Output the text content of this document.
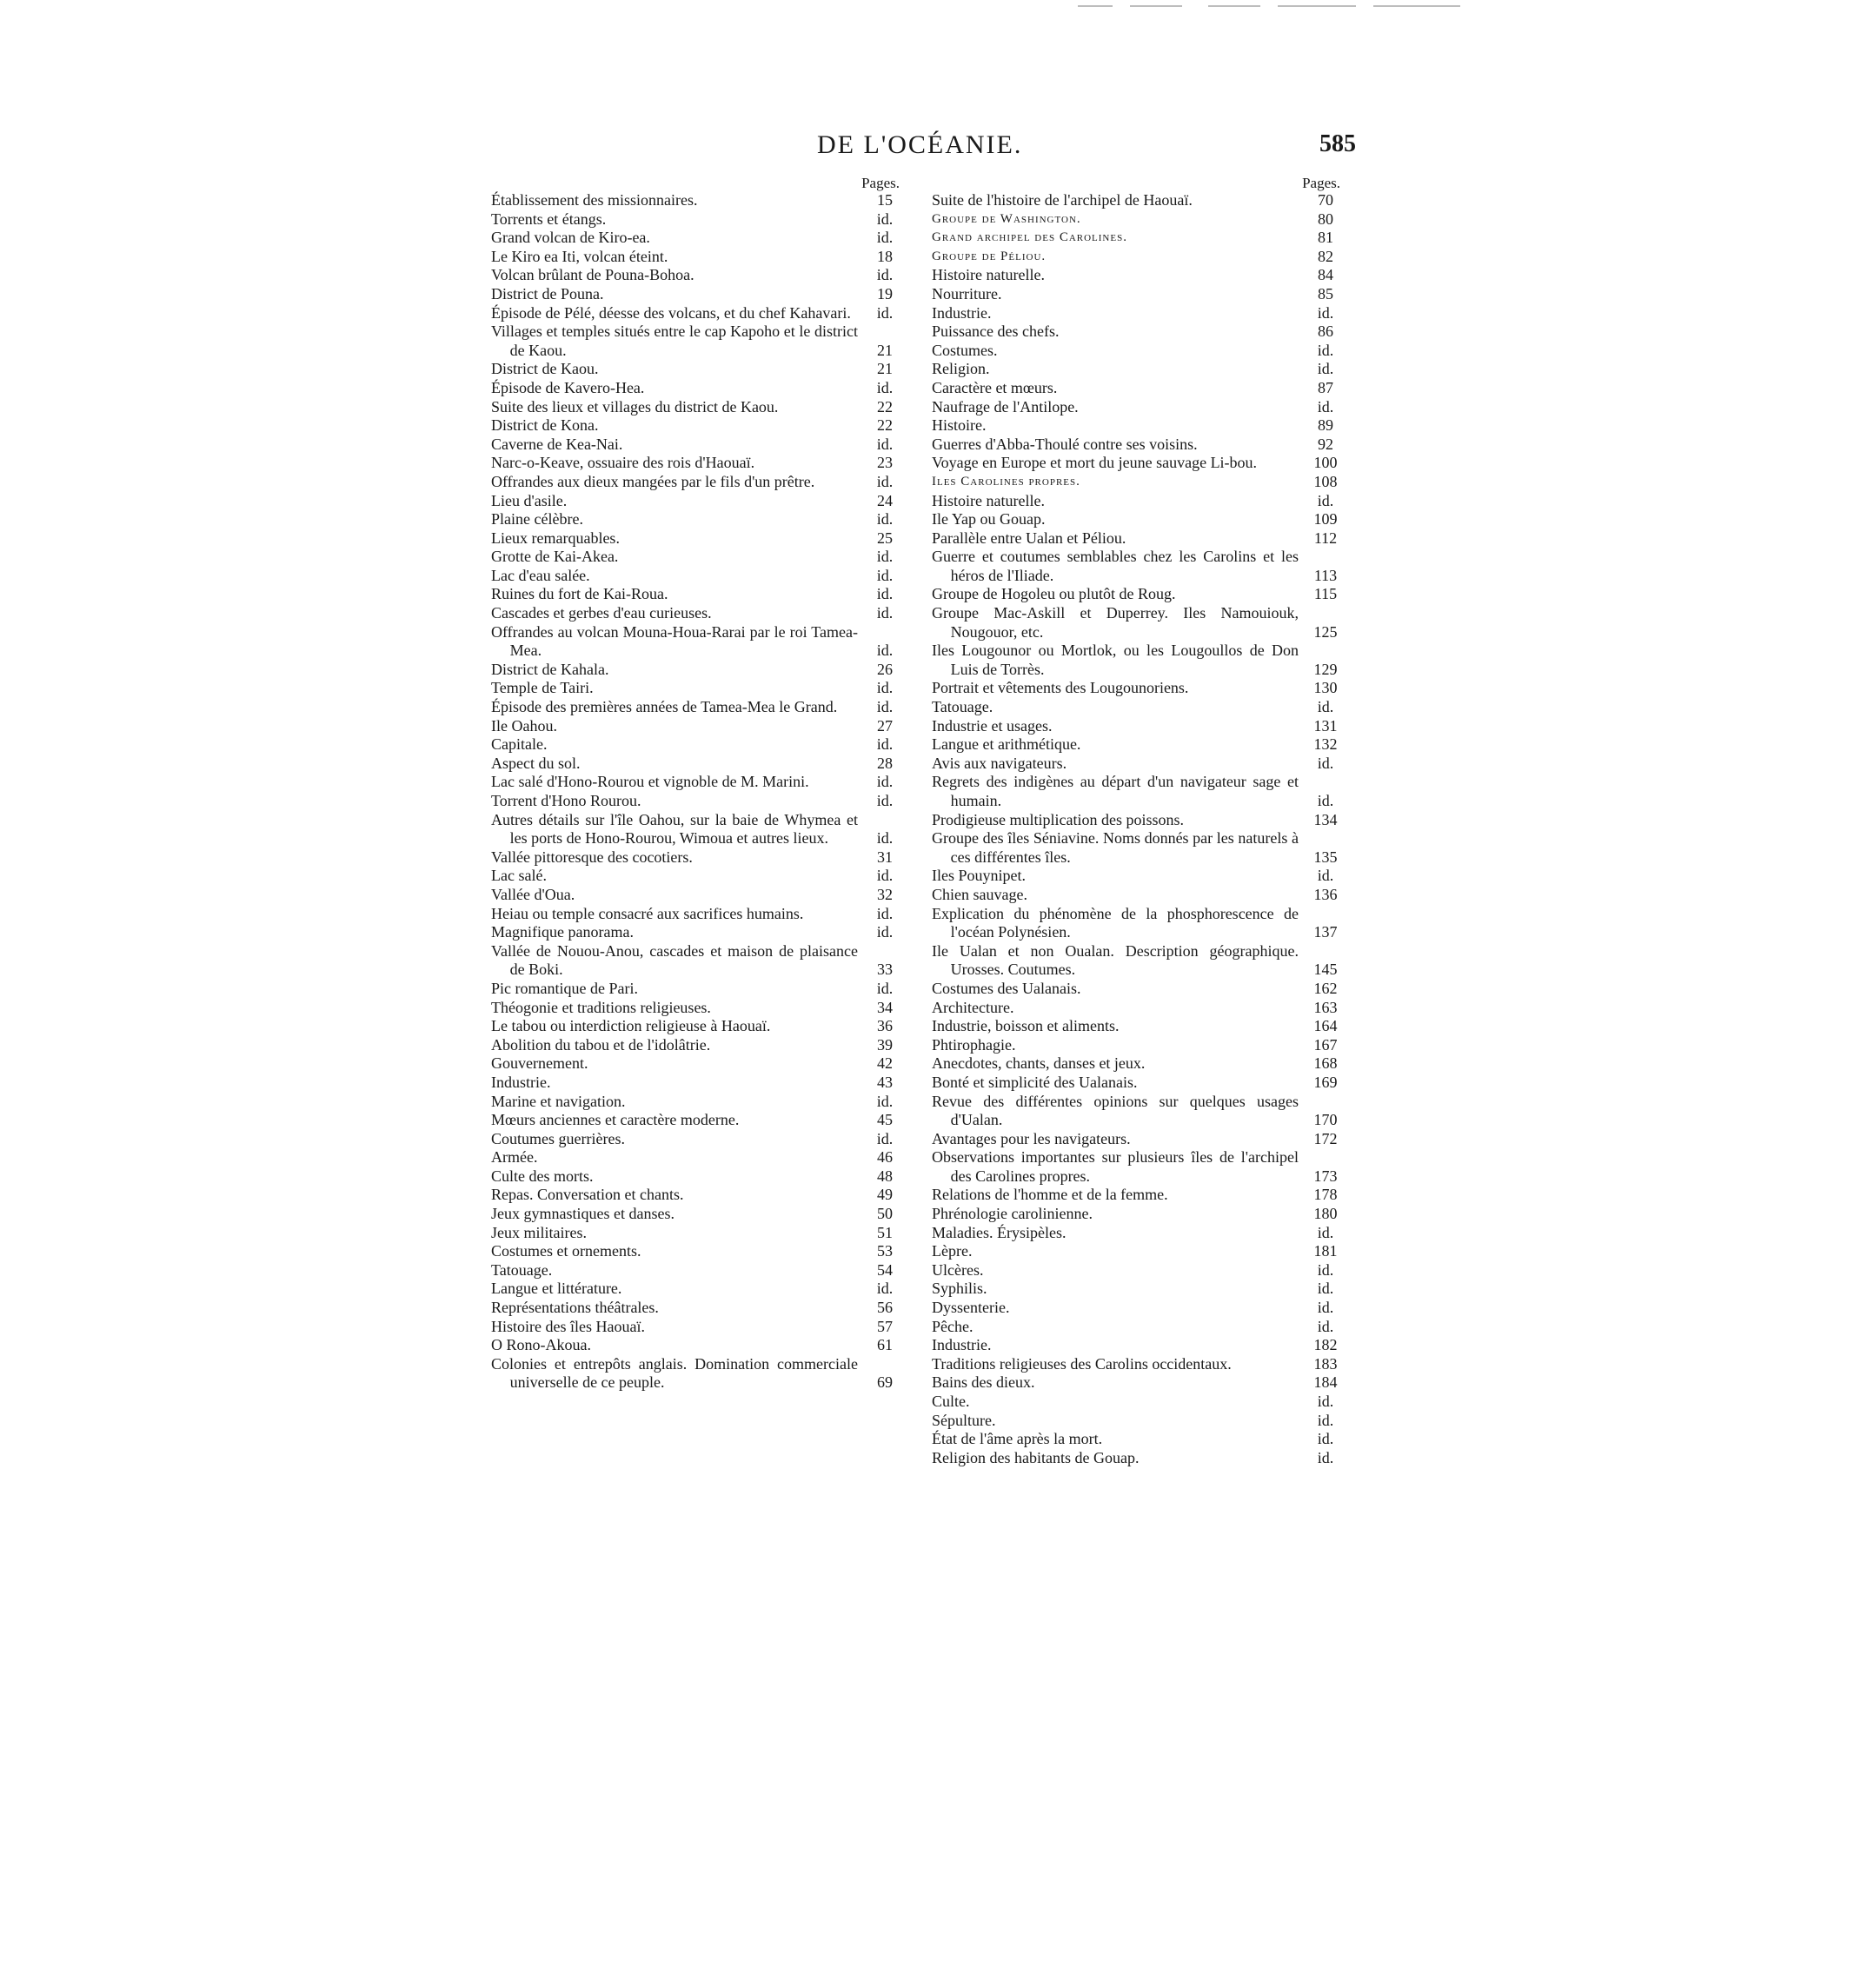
DE L'OCÉANIE.	585
Pages.
Établissement des missionnaires.	15
Torrents et étangs.	id.
Grand volcan de Kiro-ea.	id.
Le Kiro ea Iti, volcan éteint.	18
Volcan brûlant de Pouna-Bohoa.	id.
District de Pouna.	19
Épisode de Pélé, déesse des volcans, et du chef Kahavari.	id.
Villages et temples situés entre le cap Kapoho et le district de Kaou.	21
District de Kaou.	21
Épisode de Kavero-Hea.	id.
Suite des lieux et villages du district de Kaou.	22
District de Kona.	22
Caverne de Kea-Nai.	id.
Narc-o-Keave, ossuaire des rois d'Haouaï.	23
Offrandes aux dieux mangées par le fils d'un prêtre.	id.
Lieu d'asile.	24
Plaine célèbre.	id.
Lieux remarquables.	25
Grotte de Kai-Akea.	id.
Lac d'eau salée.	id.
Ruines du fort de Kai-Roua.	id.
Cascades et gerbes d'eau curieuses.	id.
Offrandes au volcan Mouna-Houa-Rarai par le roi Tamea-Mea.	id.
District de Kahala.	26
Temple de Tairi.	id.
Épisode des premières années de Tamea-Mea le Grand.	id.
Ile Oahou.	27
Capitale.	id.
Aspect du sol.	28
Lac salé d'Hono-Rourou et vignoble de M. Marini.	id.
Torrent d'Hono Rourou.	id.
Autres détails sur l'île Oahou, sur la baie de Whymea et les ports de Hono-Rourou, Wimoua et autres lieux.	id.
Vallée pittoresque des cocotiers.	31
Lac salé.	id.
Vallée d'Oua.	32
Heiau ou temple consacré aux sacrifices humains.	id.
Magnifique panorama.	id.
Vallée de Nouou-Anou, cascades et maison de plaisance de Boki.	33
Pic romantique de Pari.	id.
Théogonie et traditions religieuses.	34
Le tabou ou interdiction religieuse à Haouaï.	36
Abolition du tabou et de l'idolâtrie.	39
Gouvernement.	42
Industrie.	43
Marine et navigation.	id.
Mœurs anciennes et caractère moderne.	45
Coutumes guerrières.	id.
Armée.	46
Culte des morts.	48
Repas. Conversation et chants.	49
Jeux gymnastiques et danses.	50
Jeux militaires.	51
Costumes et ornements.	53
Tatouage.	54
Langue et littérature.	id.
Représentations théâtrales.	56
Histoire des îles Haouaï.	57
O Rono-Akoua.	61
Colonies et entrepôts anglais. Domination commerciale universelle de ce peuple.	69
Pages.
Suite de l'histoire de l'archipel de Haouaï.	70
Groupe de Washington.	80
Grand archipel des Carolines.	81
Groupe de Péliou.	82
Histoire naturelle.	84
Nourriture.	85
Industrie.	id.
Puissance des chefs.	86
Costumes.	id.
Religion.	id.
Caractère et mœurs.	87
Naufrage de l'Antilope.	id.
Histoire.	89
Guerres d'Abba-Thoulé contre ses voisins.	92
Voyage en Europe et mort du jeune sauvage Li-bou.	100
Iles Carolines propres.	108
Histoire naturelle.	id.
Ile Yap ou Gouap.	109
Parallèle entre Ualan et Péliou.	112
Guerre et coutumes semblables chez les Carolins et les héros de l'Iliade.	113
Groupe de Hogoleu ou plutôt de Roug.	115
Groupe Mac-Askill et Duperrey. Iles Namouiouk, Nougouor, etc.	125
Iles Lougounor ou Mortlok, ou les Lougoullos de Don Luis de Torrès.	129
Portrait et vêtements des Lougounoriens.	130
Tatouage.	id.
Industrie et usages.	131
Langue et arithmétique.	132
Avis aux navigateurs.	id.
Regrets des indigènes au départ d'un navigateur sage et humain.	id.
Prodigieuse multiplication des poissons.	134
Groupe des îles Séniavine. Noms donnés par les naturels à ces différentes îles.	135
Iles Pouynipet.	id.
Chien sauvage.	136
Explication du phénomène de la phosphorescence de l'océan Polynésien.	137
Ile Ualan et non Oualan. Description géographique. Urosses. Coutumes.	145
Costumes des Ualanais.	162
Architecture.	163
Industrie, boisson et aliments.	164
Phtirophagie.	167
Anecdotes, chants, danses et jeux.	168
Bonté et simplicité des Ualanais.	169
Revue des différentes opinions sur quelques usages d'Ualan.	170
Avantages pour les navigateurs.	172
Observations importantes sur plusieurs îles de l'archipel des Carolines propres.	173
Relations de l'homme et de la femme.	178
Phrénologie carolinienne.	180
Maladies. Érysipèles.	id.
Lèpre.	181
Ulcères.	id.
Syphilis.	id.
Dyssenterie.	id.
Pêche.	id.
Industrie.	182
Traditions religieuses des Carolins occidentaux.	183
Bains des dieux.	184
Culte.	id.
Sépulture.	id.
État de l'âme après la mort.	id.
Religion des habitants de Gouap.	id.
